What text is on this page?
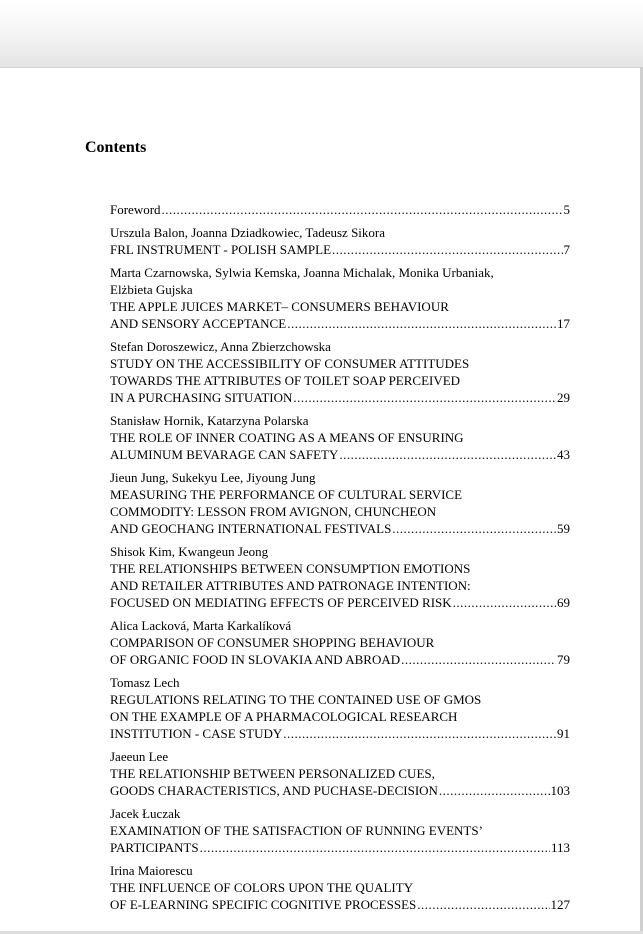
Contents
Foreword .....	5
Urszula Balon, Joanna Dziadkowiec, Tadeusz Sikora
FRL INSTRUMENT - POLISH SAMPLE .....	7
Marta Czarnowska, Sylwia Kemska, Joanna Michalak, Monika Urbaniak,
Elżbieta Gujska
THE APPLE JUICES MARKET– CONSUMERS BEHAVIOUR
AND SENSORY ACCEPTANCE .....	17
Stefan Doroszewicz, Anna Zbierzchowska
STUDY ON THE ACCESSIBILITY OF CONSUMER ATTITUDES
TOWARDS THE ATTRIBUTES OF TOILET SOAP PERCEIVED
IN A PURCHASING SITUATION .....	29
Stanisław Hornik, Katarzyna Polarska
THE ROLE OF INNER COATING AS A MEANS OF ENSURING
ALUMINUM BEVARAGE CAN SAFETY .....	43
Jieun Jung, Sukekyu Lee, Jiyoung Jung
MEASURING THE PERFORMANCE OF CULTURAL SERVICE
COMMODITY: LESSON FROM AVIGNON, CHUNCHEON
AND GEOCHANG INTERNATIONAL FESTIVALS .....	59
Shisok Kim, Kwangeun Jeong
THE RELATIONSHIPS BETWEEN CONSUMPTION EMOTIONS
AND RETAILER ATTRIBUTES AND PATRONAGE INTENTION:
FOCUSED ON MEDIATING EFFECTS OF PERCEIVED RISK .....	69
Alica Lacková, Marta Karkalíková
COMPARISON OF CONSUMER SHOPPING BEHAVIOUR
OF ORGANIC FOOD IN SLOVAKIA AND ABROAD .....	79
Tomasz Lech
REGULATIONS RELATING TO THE CONTAINED USE OF GMOS
ON THE EXAMPLE OF A PHARMACOLOGICAL RESEARCH
INSTITUTION - CASE STUDY .....	91
Jaeeun Lee
THE RELATIONSHIP BETWEEN PERSONALIZED CUES,
GOODS CHARACTERISTICS, AND PUCHASE-DECISION .....	103
Jacek Łuczak
EXAMINATION OF THE SATISFACTION OF RUNNING EVENTS’
PARTICIPANTS .....	113
Irina Maiorescu
THE INFLUENCE OF COLORS UPON THE QUALITY
OF E-LEARNING SPECIFIC COGNITIVE PROCESSES .....	127
